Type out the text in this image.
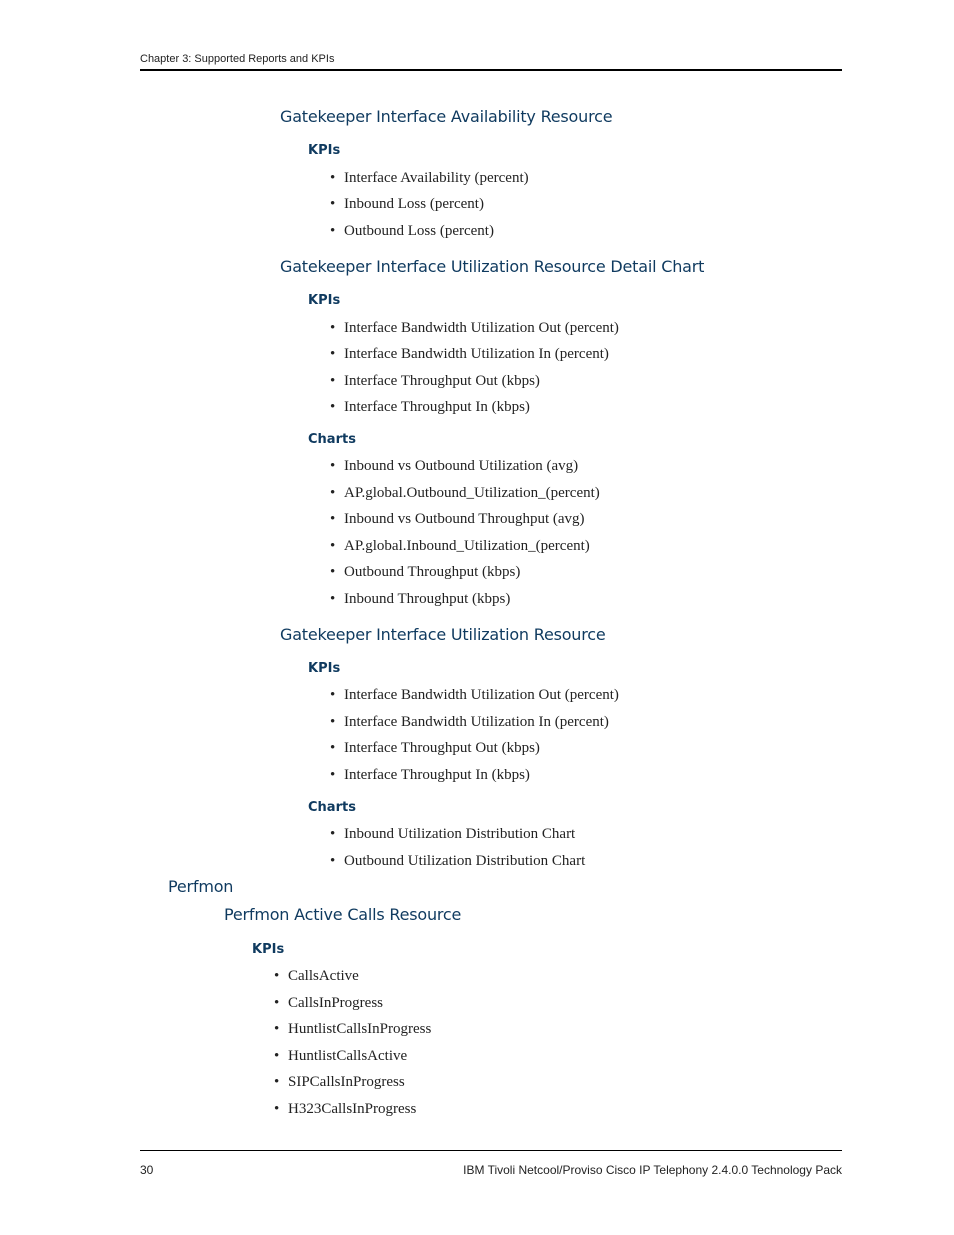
Chapter 3: Supported Reports and KPIs
Gatekeeper Interface Availability Resource
KPIs
• Interface Availability (percent)
• Inbound Loss (percent)
• Outbound Loss (percent)
Gatekeeper Interface Utilization Resource Detail Chart
KPIs
• Interface Bandwidth Utilization Out (percent)
• Interface Bandwidth Utilization In (percent)
• Interface Throughput Out (kbps)
• Interface Throughput In (kbps)
Charts
• Inbound vs Outbound Utilization (avg)
• AP.global.Outbound_Utilization_(percent)
• Inbound vs Outbound Throughput (avg)
• AP.global.Inbound_Utilization_(percent)
• Outbound Throughput (kbps)
• Inbound Throughput (kbps)
Gatekeeper Interface Utilization Resource
KPIs
• Interface Bandwidth Utilization Out (percent)
• Interface Bandwidth Utilization In (percent)
• Interface Throughput Out (kbps)
• Interface Throughput In (kbps)
Charts
• Inbound Utilization Distribution Chart
• Outbound Utilization Distribution Chart
Perfmon
Perfmon Active Calls Resource
KPIs
• CallsActive
• CallsInProgress
• HuntlistCallsInProgress
• HuntlistCallsActive
• SIPCallsInProgress
• H323CallsInProgress
30	IBM Tivoli Netcool/Proviso Cisco IP Telephony 2.4.0.0 Technology Pack
